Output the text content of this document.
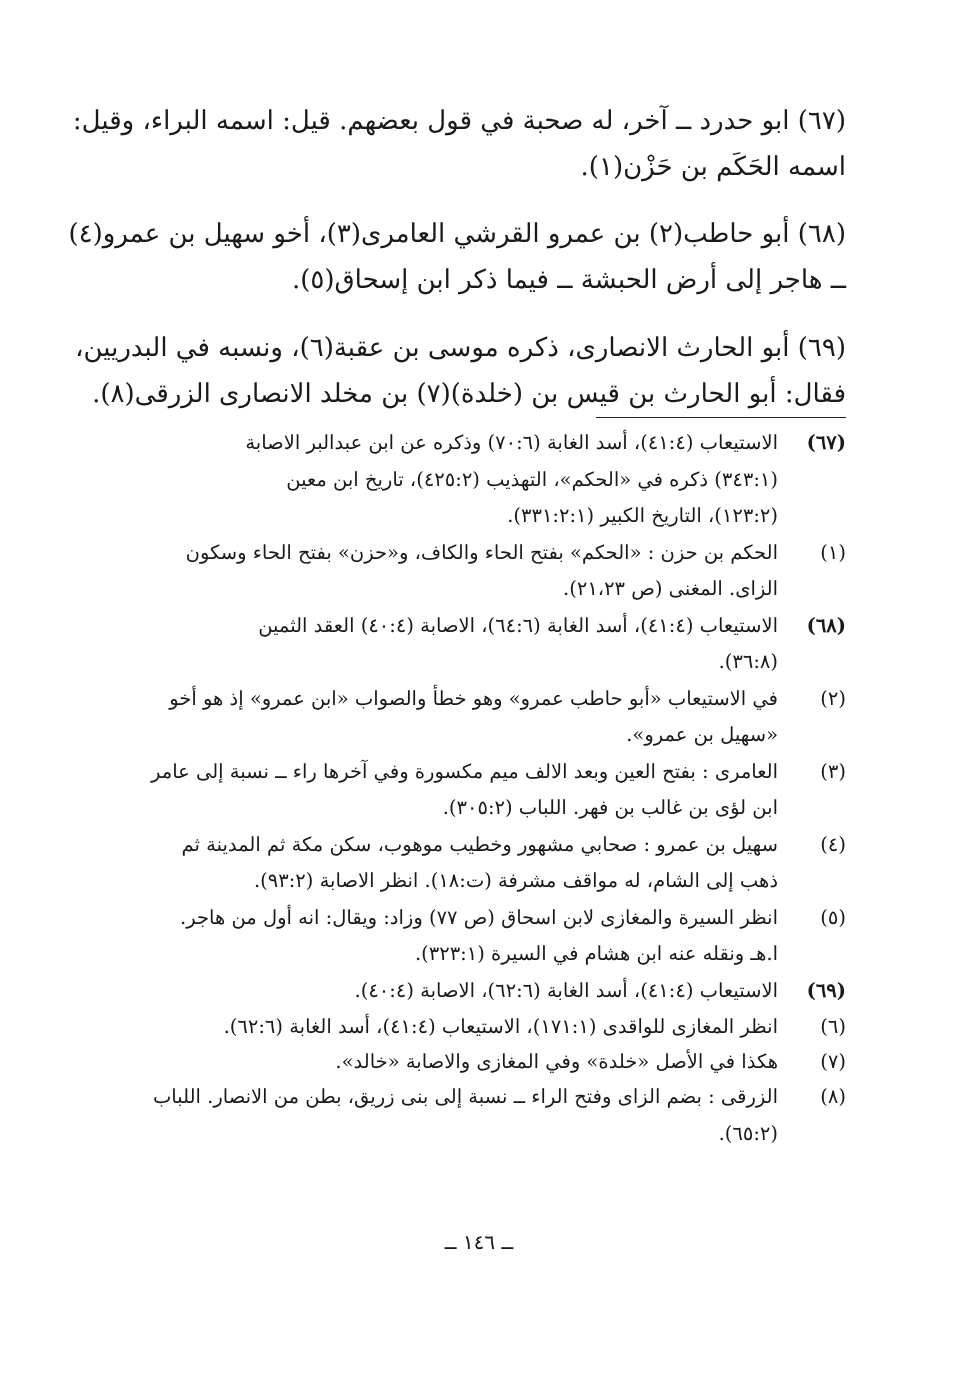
(٦٧) ابو حدرد ــ آخر، له صحبة في قول بعضهم. قيل: اسمه البراء، وقيل:
اسمه الحَكَم بن حَزْن(١).
(٦٨) أبو حاطب(٢) بن عمرو القرشي العامرى(٣)، أخو سهيل بن عمرو(٤)
ــ هاجر إلى أرض الحبشة ــ فيما ذكر ابن إسحاق(٥).
(٦٩) أبو الحارث الانصارى، ذكره موسى بن عقبة(٦)، ونسبه في البدريين،
فقال: أبو الحارث بن قيس بن (خلدة)(٧) بن مخلد الانصارى الزرقى(٨).
(٦٧)
الاستيعاب (٤١:٤)، أسد الغابة (٧٠:٦) وذكره عن ابن عبدالبر الاصابة
(٣٤٣:١) ذكره في «الحكم»، التهذيب (٤٢٥:٢)، تاريخ ابن معين
(١٢٣:٢)، التاريخ الكبير (٣٣١:٢:١).
(١)
الحكم بن حزن : «الحكم» بفتح الحاء والكاف، و«حزن» بفتح الحاء وسكون
الزاى. المغنى (ص ٢١،٢٣).
(٦٨)
الاستيعاب (٤١:٤)، أسد الغابة (٦٤:٦)، الاصابة (٤٠:٤) العقد الثمين
(٣٦:٨).
(٢)
في الاستيعاب «أبو حاطب عمرو» وهو خطأ والصواب «ابن عمرو» إذ هو أخو
«سهيل بن عمرو».
(٣)
العامرى : بفتح العين وبعد الالف ميم مكسورة وفي آخرها راء ــ نسبة إلى عامر
ابن لؤى بن غالب بن فهر. اللباب (٣٠٥:٢).
(٤)
سهيل بن عمرو : صحابي مشهور وخطيب موهوب، سكن مكة ثم المدينة ثم
ذهب إلى الشام، له مواقف مشرفة (ت:١٨). انظر الاصابة (٩٣:٢).
(٥)
انظر السيرة والمغازى لابن اسحاق (ص ٧٧) وزاد: ويقال: انه أول من هاجر.
ا.هـ ونقله عنه ابن هشام في السيرة (٣٢٣:١).
(٦٩)
الاستيعاب (٤١:٤)، أسد الغابة (٦٢:٦)، الاصابة (٤٠:٤).
(٦)
انظر المغازى للواقدى (١٧١:١)، الاستيعاب (٤١:٤)، أسد الغابة (٦٢:٦).
(٧)
هكذا في الأصل «خلدة» وفي المغازى والاصابة «خالد».
(٨)
الزرقى : بضم الزاى وفتح الراء ــ نسبة إلى بنى زريق، بطن من الانصار. اللباب
(٦٥:٢).
ــ ١٤٦ ــ
